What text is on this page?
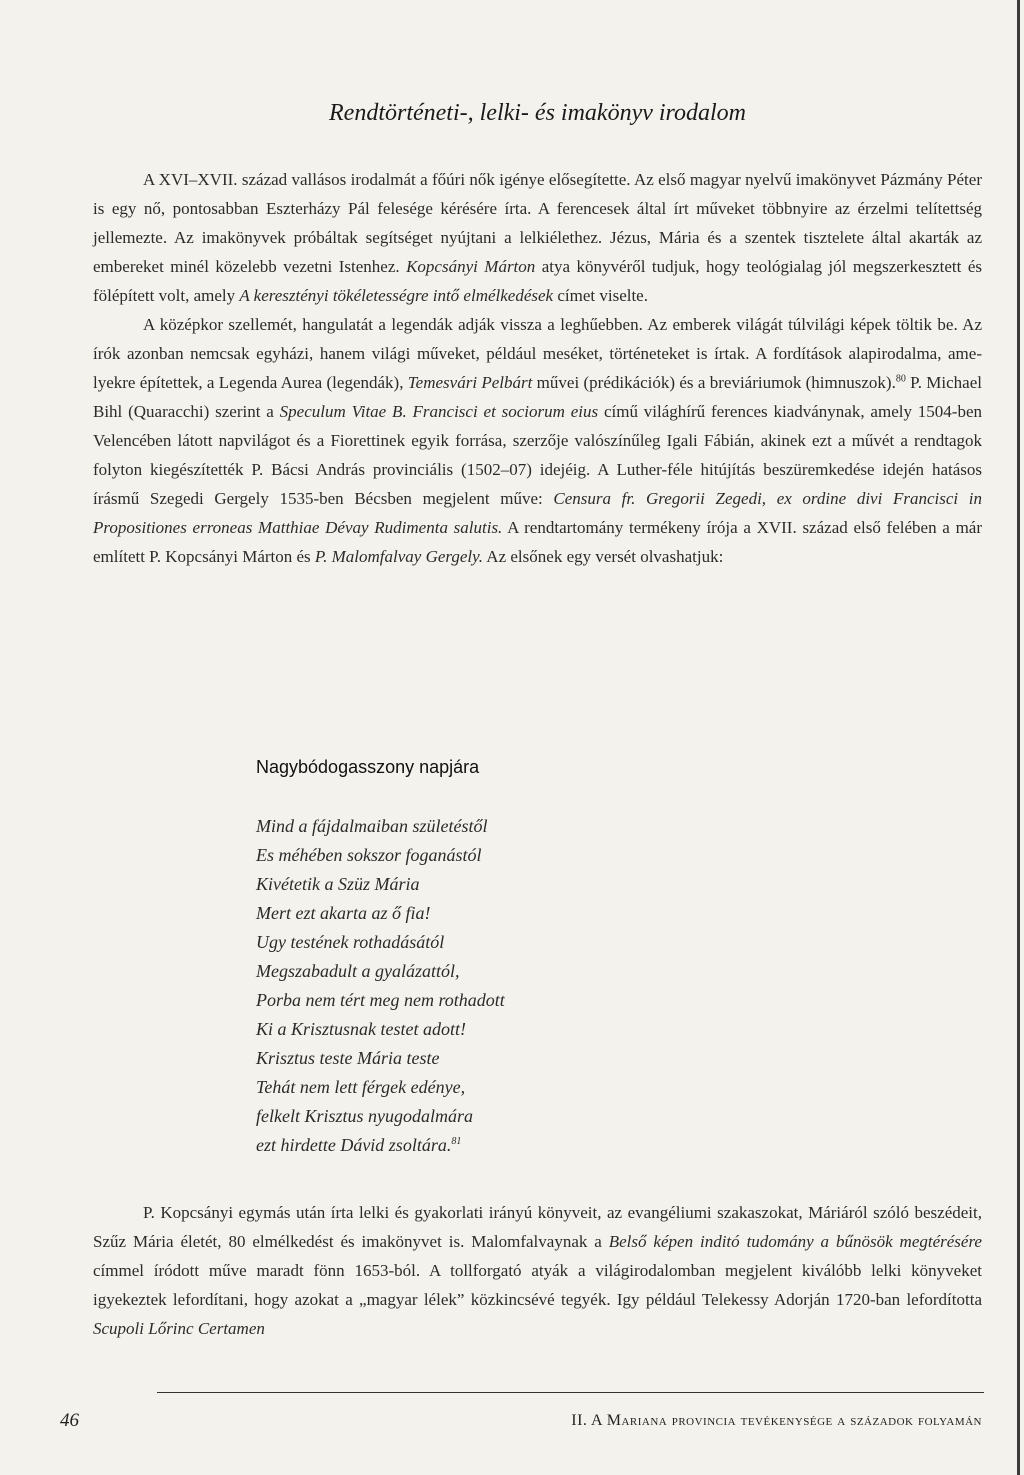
Rendtörténeti-, lelki- és imakönyv irodalom

A XVI–XVII. század vallásos irodalmát a főúri nők igénye elősegítette. Az első magyar nyelvű imakönyvet Pázmány Péter is egy nő, pontosabban Eszterházy Pál felesége kérésére írta. A ferencesek által írt műveket többnyire az érzelmi telítettség jellemezte. Az imakönyvek próbáltak segítséget nyújtani a lelkiélethez. Jézus, Mária és a szentek tisztelete által akarták az embereket minél közelebb vezetni Istenhez. Kopcsányi Márton atya könyvéről tudjuk, hogy teológialag jól megszerkesztett és fölépített volt, amely A keresztényi tökéletességre intő elmélkedések címet viselte.

A középkor szellemét, hangulatát a legendák adják vissza a leghűebben. Az emberek világát túlvilági képek töltik be. Az írók azonban nemcsak egyházi, hanem világi műveket, például meséket, történeteket is írtak. A fordítások alapirodalma, ame-lyekre építettek, a Legenda Aurea (legendák), Temesvári Pelbárt művei (prédikációk) és a breviáriumok (himnuszok).$^{80}$ P. Michael Bihl (Quaracchi) szerint a Speculum Vitae B. Francisci et sociorum eius című világhírű ferences kiadványnak, amely 1504-ben Velencében látott napvilágot és a Fiorettinek egyik forrása, szerzője valószínűleg Igali Fábián, akinek ezt a művét a rendtagok folyton kiegészítették P. Bácsi András provinciális (1502–07) idejéig. A Luther-féle hitújítás beszüremkedése idején hatásos írásmű Szegedi Gergely 1535-ben Bécsben megjelent műve: Censura fr. Gregorii Zegedi, ex ordine divi Francisci in Propositiones erroneas Matthiae Dévay Rudimenta salutis. A rendtartomány termékeny írója a XVII. század első felében a már említett P. Kopcsányi Márton és P. Malomfalvay Gergely. Az elsőnek egy versét olvashatjuk:

Nagybódogasszony napjára
Mind a fájdalmaiban születéstől
Es méhében sokszor foganástól
Kivétetik a Szüz Mária
Mert ezt akarta az ő fia!
Ugy testének rothadásától
Megszabadult a gyalázattól,
Porba nem tért meg nem rothadott
Ki a Krisztusnak testet adott!
Krisztus teste Mária teste
Tehát nem lett férgek edénye,
felkelt Krisztus nyugodalmára
ezt hirdette Dávid zsoltára.$^{81}$

P. Kopcsányi egymás után írta lelki és gyakorlati irányú könyveit, az evangéliumi szakaszokat, Máriáról szóló beszédeit, Szűz Mária életét, 80 elmélkedést és imakönyvet is. Malomfalvaynak a Belső képen inditó tudomány a bűnösök megtérésére címmel íródott műve maradt fönn 1653-ból. A tollforgató atyák a világirodalomban megjelent kiválóbb lelki könyveket igyekeztek lefordítani, hogy azokat a „magyar lélek” közkincsévé tegyék. Igy például Telekessy Adorján 1720-ban lefordította Scupoli Lőrinc Certamen

46	II. A Mariana provincia tevékenysége a századok folyamán
